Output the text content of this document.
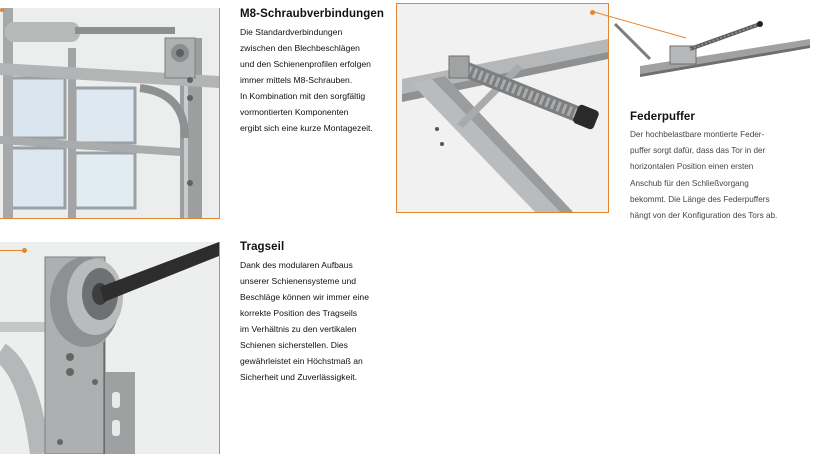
M8-Schraubverbindungen

Die Standardverbindungen

zwischen den Blechbeschlägen

und den Schienenprofilen erfolgen

immer mittels M8-Schrauben.

In Kombination mit den sorgfältig

vormontierten Komponenten

ergibt sich eine kurze Montagezeit.

Federpuffer

Der hochbelastbare montierte Feder-

puffer sorgt dafür, dass das Tor in der

horizontalen Position einen ersten

Anschub für den Schließvorgang

bekommt. Die Länge des Federpuffers

hängt von der Konfiguration des Tors ab.

Tragseil

Dank des modularen Aufbaus

unserer Schienensysteme und

Beschläge können wir immer eine

korrekte Position des Tragseils

im Verhältnis zu den vertikalen

Schienen sicherstellen. Dies

gewährleistet ein Höchstmaß an

Sicherheit und Zuverlässigkeit.
